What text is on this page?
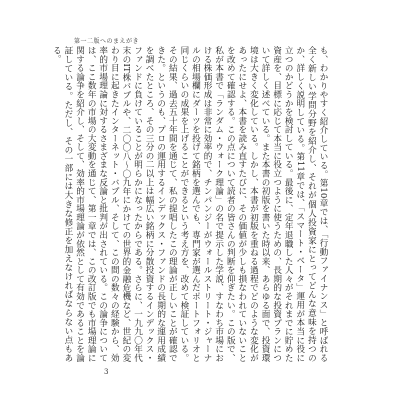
第一二版へのまえがき

も、わかりやすく紹介している。第10章では、「行動ファイナンス」と呼ばれる全く新しい学問分野を紹介し、それが個人投資家にとってどんな意味を持つのか、詳しく説明している。第11章では、「スマート・ベータ」運用が本当に役に立つのかどうかを検討している。最後に、定年退職した人々がそれまでに貯めた資産を、目標に応じて本当に役立つように使うための、長期的な投資プランについて詳しく述べている。また本書の初版を書いた時以来、あらゆる面で、投資環境は大きく変化している。しかし、本書が初版を重ねる過程でどのような変化があったにせよ、本書を読み直すたびに、その価値が少しも損なわれていないことを改めて確認する。この点について読者の皆さんの判断を仰ぎたい。この版で、私が本書で「ランダム・ウォーク理論」の名で提示した学説、すなわち市場における株価形成は非常に効率的で、チンパンジーがウォールストリート・ジャーナルの相場欄にダーツを投げて銘柄を選んでも、専門家が選んだポートフォリオと同じくらいの成果を上げることができるという考え方を、改めて検証している。その結果、過去五十年間を通じて、私の提唱したこの理論が正しいことが確認できた。というのも、プロの運用するインデックス・ファンドの長期的な運用成績を調べたところ、その三分の二以上は幅広い銘柄に分散投資するインデックス・ファンドに負けていることが明らかになったからである。さらに、一九九〇年代末のIT株バブルや、二〇〇八〜〇九年にかけての世界的金融危機など、世紀の変わり目に起きたインターネット・バブル、そして、この間の数々の経験から、効率的市場理論に対するさまざまな反論と批判が出されている。この論争については、ここ数年の市場の大変動を通じて、第一章では、この改訂版でも市場理論に関する論争を紹介し、そして、効率的市場理論が依然として有効であることを論証している。ただし、その一部には大きな修正を加えなければならない点もある。

3
